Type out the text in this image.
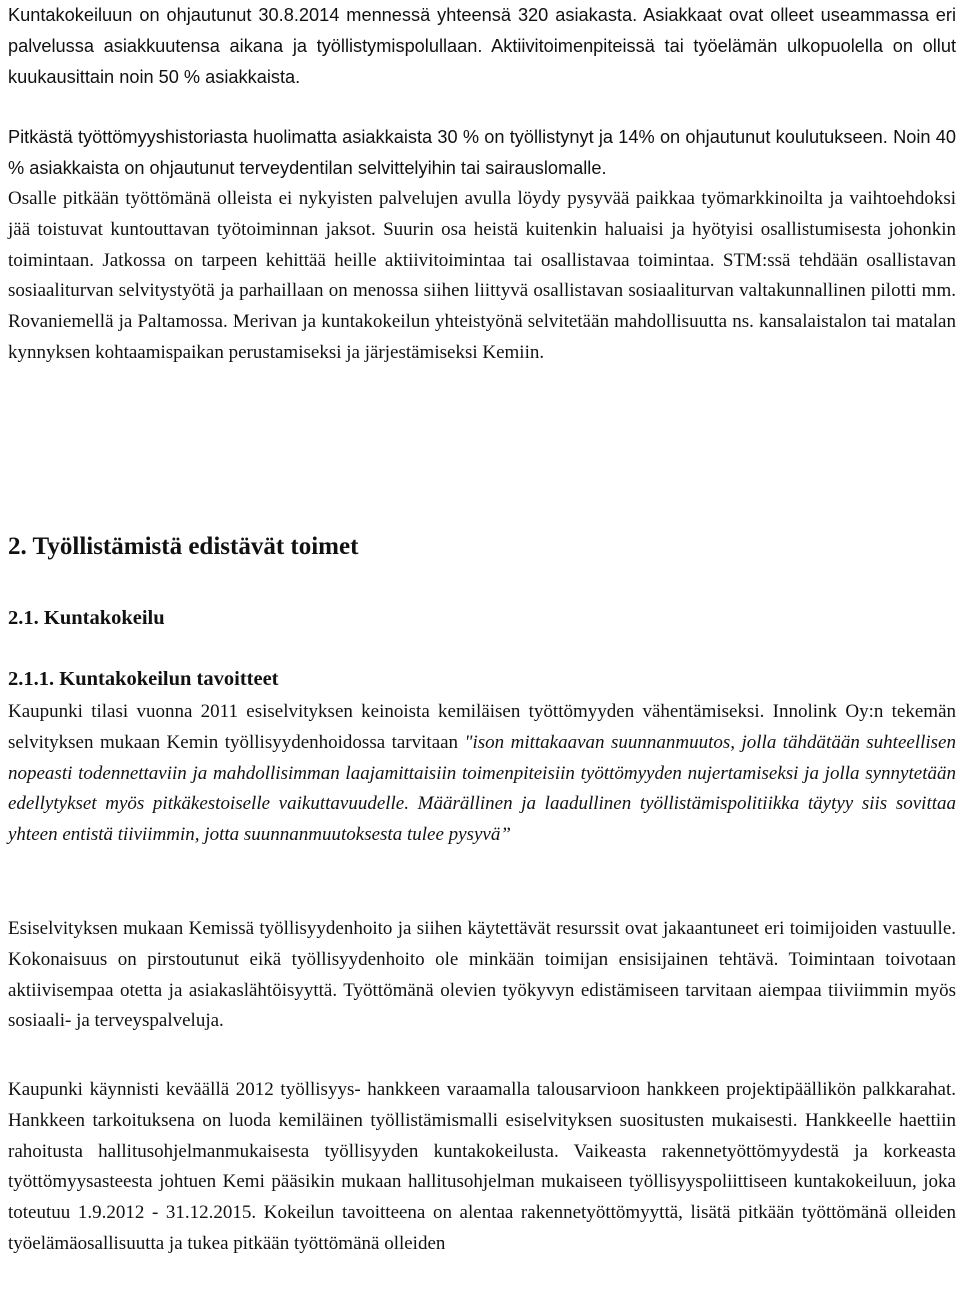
Kuntakokeiluun on ohjautunut 30.8.2014 mennessä yhteensä 320 asiakasta. Asiakkaat ovat olleet useammassa eri palvelussa asiakkuutensa aikana ja työllistymispolullaan. Aktiivitoimenpiteissä tai työelämän ulkopuolella on ollut kuukausittain noin 50 % asiakkaista.

Pitkästä työttömyyshistoriasta huolimatta asiakkaista 30 % on työllistynyt ja 14% on ohjautunut koulutukseen. Noin 40 % asiakkaista on ohjautunut terveydentilan selvittelyihin tai sairauslomalle.

Osalle pitkään työttömänä olleista ei nykyisten palvelujen avulla löydy pysyvää paikkaa työmarkkinoilta ja vaihtoehdoksi jää toistuvat kuntouttavan työtoiminnan jaksot. Suurin osa heistä kuitenkin haluaisi ja hyötyisi osallistumisesta johonkin toimintaan. Jatkossa on tarpeen kehittää heille aktiivitoimintaa tai osallistavaa toimintaa. STM:ssä tehdään osallistavan sosiaaliturvan selvitystyötä ja parhaillaan on menossa siihen liittyvä osallistavan sosiaaliturvan valtakunnallinen pilotti mm. Rovaniemellä ja Paltamossa. Merivan ja kuntakokeilun yhteistyönä selvitetään mahdollisuutta ns. kansalaistalon tai matalan kynnyksen kohtaamispaikan perustamiseksi ja järjestämiseksi Kemiin.

2. Työllistämistä edistävät toimet
2.1. Kuntakokeilu
2.1.1. Kuntakokeilun tavoitteet

Kaupunki tilasi vuonna 2011 esiselvityksen keinoista kemiläisen työttömyyden vähentämiseksi. Innolink Oy:n tekemän selvityksen mukaan Kemin työllisyydenhoidossa tarvitaan "ison mittakaavan suunnanmuutos, jolla tähdätään suhteellisen nopeasti todennettaviin ja mahdollisimman laajamittaisiin toimenpiteisiin työttömyyden nujertamiseksi ja jolla synnytetään edellytykset myös pitkäkestoiselle vaikuttavuudelle. Määrällinen ja laadullinen työllistämispolitiikka täytyy siis sovittaa yhteen entistä tiiviimmin, jotta suunnanmuutoksesta tulee pysyvä”

Esiselvityksen mukaan Kemissä työllisyydenhoito ja siihen käytettävät resurssit ovat jakaantuneet eri toimijoiden vastuulle. Kokonaisuus on pirstoutunut eikä työllisyydenhoito ole minkään toimijan ensisijainen tehtävä. Toimintaan toivotaan aktiivisempaa otetta ja asiakaslähtöisyyttä. Työttömänä olevien työkyvyn edistämiseen tarvitaan aiempaa tiiviimmin myös sosiaali- ja terveyspalveluja.

Kaupunki käynnisti keväällä 2012 työllisyys- hankkeen varaamalla talousarvioon hankkeen projektipäällikön palkkarahat. Hankkeen tarkoituksena on luoda kemiläinen työllistämismalli esiselvityksen suositusten mukaisesti. Hankkeelle haettiin rahoitusta hallitusohjelmanmukaisesta työllisyyden kuntakokeilusta. Vaikeasta rakennetyöttömyydestä ja korkeasta työttömyysasteesta johtuen Kemi pääsikin mukaan hallitusohjelman mukaiseen työllisyyspoliittiseen kuntakokeiluun, joka toteutuu 1.9.2012 - 31.12.2015. Kokeilun tavoitteena on alentaa rakennetyöttömyyttä, lisätä pitkään työttömänä olleiden työelämäosallisuutta ja tukea pitkään työttömänä olleiden
